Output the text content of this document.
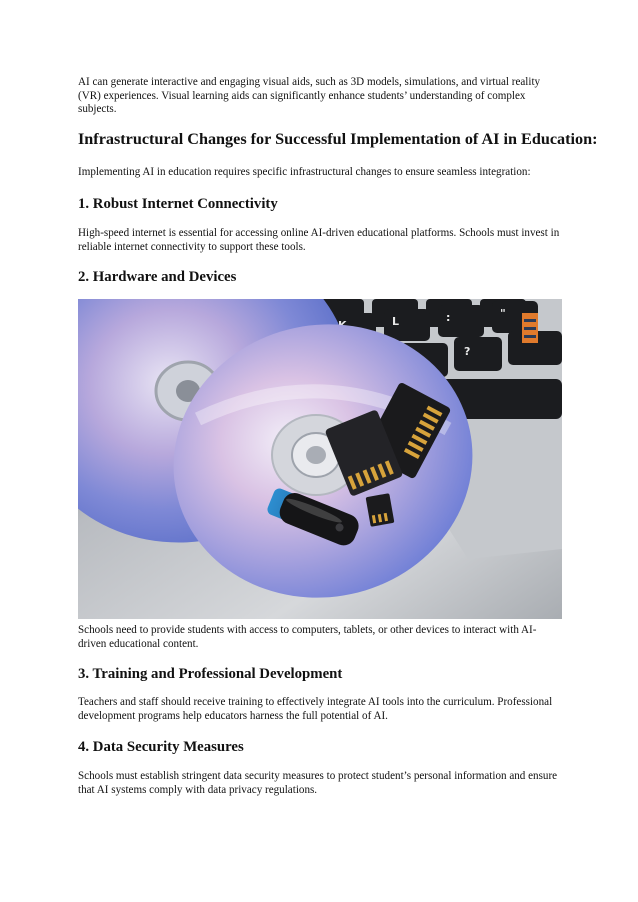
AI can generate interactive and engaging visual aids, such as 3D models, simulations, and virtual reality (VR) experiences. Visual learning aids can significantly enhance students’ understanding of complex subjects.

Infrastructural Changes for Successful Implementation of AI in Education:

Implementing AI in education requires specific infrastructural changes to ensure seamless integration:

1. Robust Internet Connectivity

High-speed internet is essential for accessing online AI-driven educational platforms. Schools must invest in reliable internet connectivity to support these tools.

2. Hardware and Devices
L	:	"
?

Schools need to provide students with access to computers, tablets, or other devices to interact with AI-driven educational content.

3. Training and Professional Development

Teachers and staff should receive training to effectively integrate AI tools into the curriculum. Professional development programs help educators harness the full potential of AI.

4. Data Security Measures

Schools must establish stringent data security measures to protect student’s personal information and ensure that AI systems comply with data privacy regulations.
